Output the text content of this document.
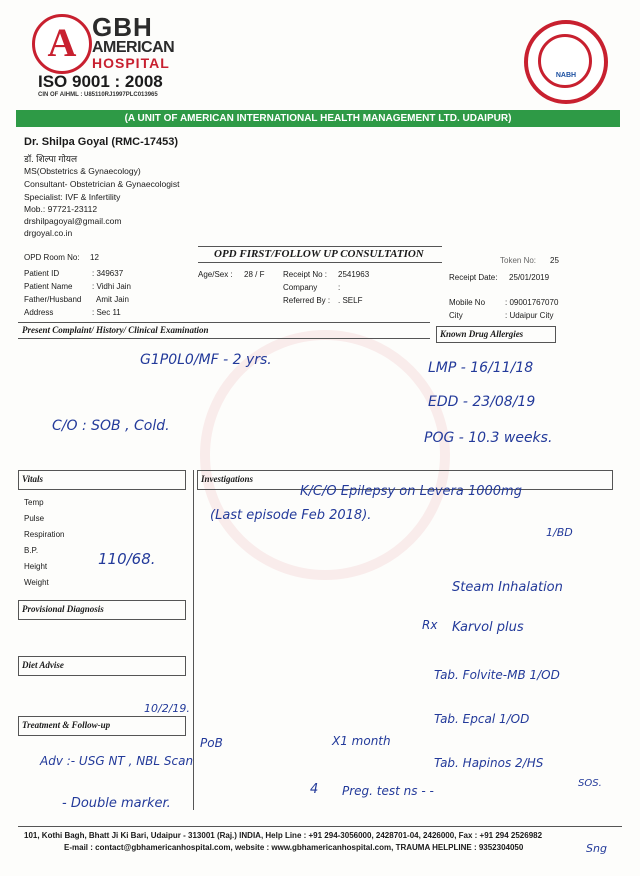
A GBH
AMERICAN
HOSPITAL
ISO 9001 : 2008
CIN OF AIHML : U85110RJ1997PLC013965
NABH
(A UNIT OF AMERICAN INTERNATIONAL HEALTH MANAGEMENT LTD. UDAIPUR)
Dr. Shilpa Goyal (RMC-17453)
डॉ. शिल्पा गोयल
MS(Obstetrics & Gynaecology)
Consultant- Obstetrician & Gynaecologist
Specialist: IVF & Infertility
Mob.: 97721-23112
drshilpagoyal@gmail.com
drgoyal.co.in
OPD FIRST/FOLLOW UP CONSULTATION
OPD Room No: 12	Token No: 25
Patient ID	: 349637
Patient Name : Vidhi Jain
Father/Husband Amit Jain
Address	: Sec 11
Age/Sex : 28 / F Receipt No : 2541963
Company	:
Referred By : . SELF
Receipt Date: 25/01/2019
Mobile No : 09001767070
City	: Udaipur City
Present Complaint/ History/ Clinical Examination	Known Drug Allergies
Vitals	Investigations
Temp
Pulse
Respiration
B.P.
Height
Weight
Provisional Diagnosis
Diet Advise
Treatment & Follow-up
G1P0L0/MF - 2 yrs.
C/O : SOB , Cold.
LMP - 16/11/18
EDD - 23/08/19
POG - 10.3 weeks.
K/C/O Epilepsy on Levera 1000mg
(Last episode Feb 2018).
1/BD
110/68.
Steam Inhalation
Rx Karvol plus
Tab. Folvite-MB 1/OD
Tab. Epcal 1/OD
Tab. Hapinos 2/HS
SOS.
X1 month
10/2/19.
PoB
Adv :- USG NT , NBL Scan
- Double marker.
4 Preg. test ns - -
101, Kothi Bagh, Bhatt Ji Ki Bari, Udaipur - 313001 (Raj.) INDIA, Help Line : +91 294-3056000, 2428701-04, 2426000, Fax : +91 294 2526982
E-mail : contact@gbhamericanhospital.com, website : www.gbhamericanhospital.com, TRAUMA HELPLINE : 9352304050	Sng
